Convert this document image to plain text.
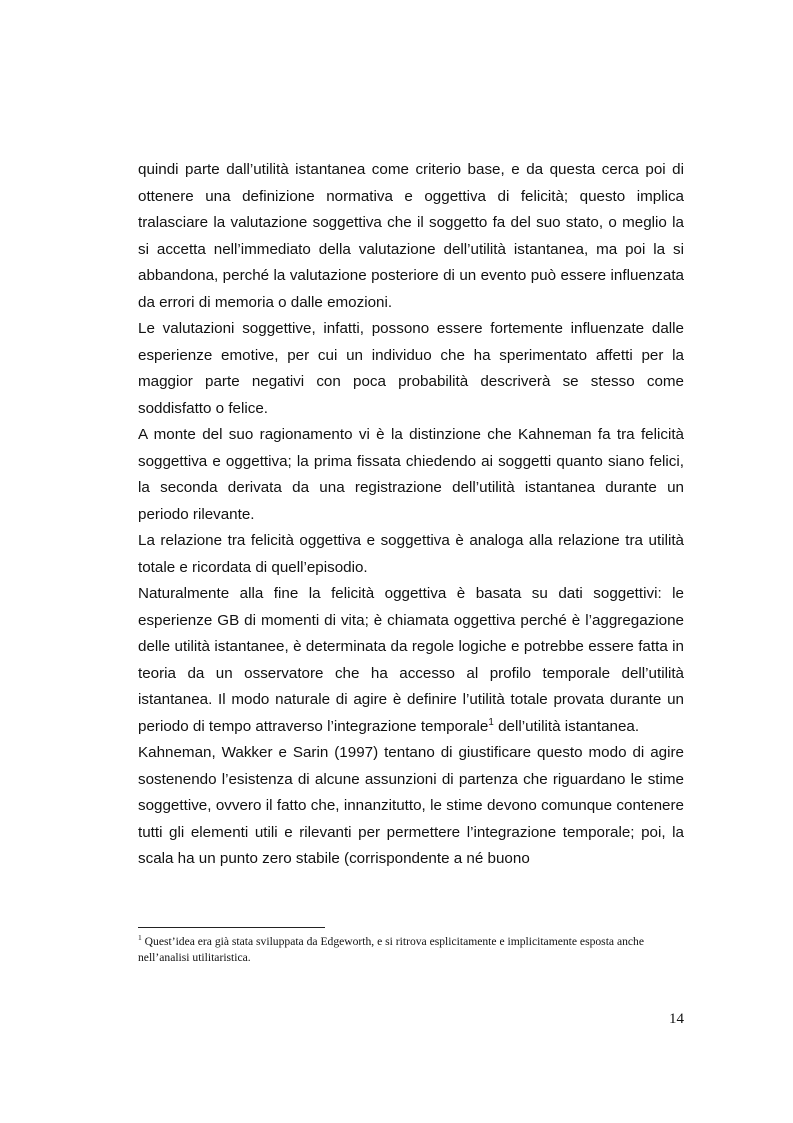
quindi parte dall’utilità istantanea come criterio base, e da questa cerca poi di ottenere una definizione normativa e oggettiva di felicità; questo implica tralasciare la valutazione soggettiva che il soggetto fa del suo stato, o meglio la si accetta nell’immediato della valutazione dell’utilità istantanea, ma poi la si abbandona, perché la valutazione posteriore di un evento può essere influenzata da errori di memoria o dalle emozioni.

Le valutazioni soggettive, infatti, possono essere fortemente influenzate dalle esperienze emotive, per cui un individuo che ha sperimentato affetti per la maggior parte negativi con poca probabilità descriverà se stesso come soddisfatto o felice.

A monte del suo ragionamento vi è la distinzione che Kahneman fa tra felicità soggettiva e oggettiva; la prima fissata chiedendo ai soggetti quanto siano felici, la seconda derivata da una registrazione dell’utilità istantanea durante un periodo rilevante.

La relazione tra felicità oggettiva e soggettiva è analoga alla relazione tra utilità totale e ricordata di quell’episodio.

Naturalmente alla fine la felicità oggettiva è basata su dati soggettivi: le esperienze GB di momenti di vita; è chiamata oggettiva perché è l’aggregazione delle utilità istantanee, è determinata da regole logiche e potrebbe essere fatta in teoria da un osservatore che ha accesso al profilo temporale dell’utilità istantanea. Il modo naturale di agire è definire l’utilità totale provata durante un periodo di tempo attraverso l’integrazione temporale$^1$ dell’utilità istantanea.

Kahneman, Wakker e Sarin (1997) tentano di giustificare questo modo di agire sostenendo l’esistenza di alcune assunzioni di partenza che riguardano le stime soggettive, ovvero il fatto che, innanzitutto, le stime devono comunque contenere tutti gli elementi utili e rilevanti per permettere l’integrazione temporale; poi, la scala ha un punto zero stabile (corrispondente a né buono

$^1$ Quest’idea era già stata sviluppata da Edgeworth, e si ritrova esplicitamente e implicitamente esposta anche nell’analisi utilitaristica.
14
